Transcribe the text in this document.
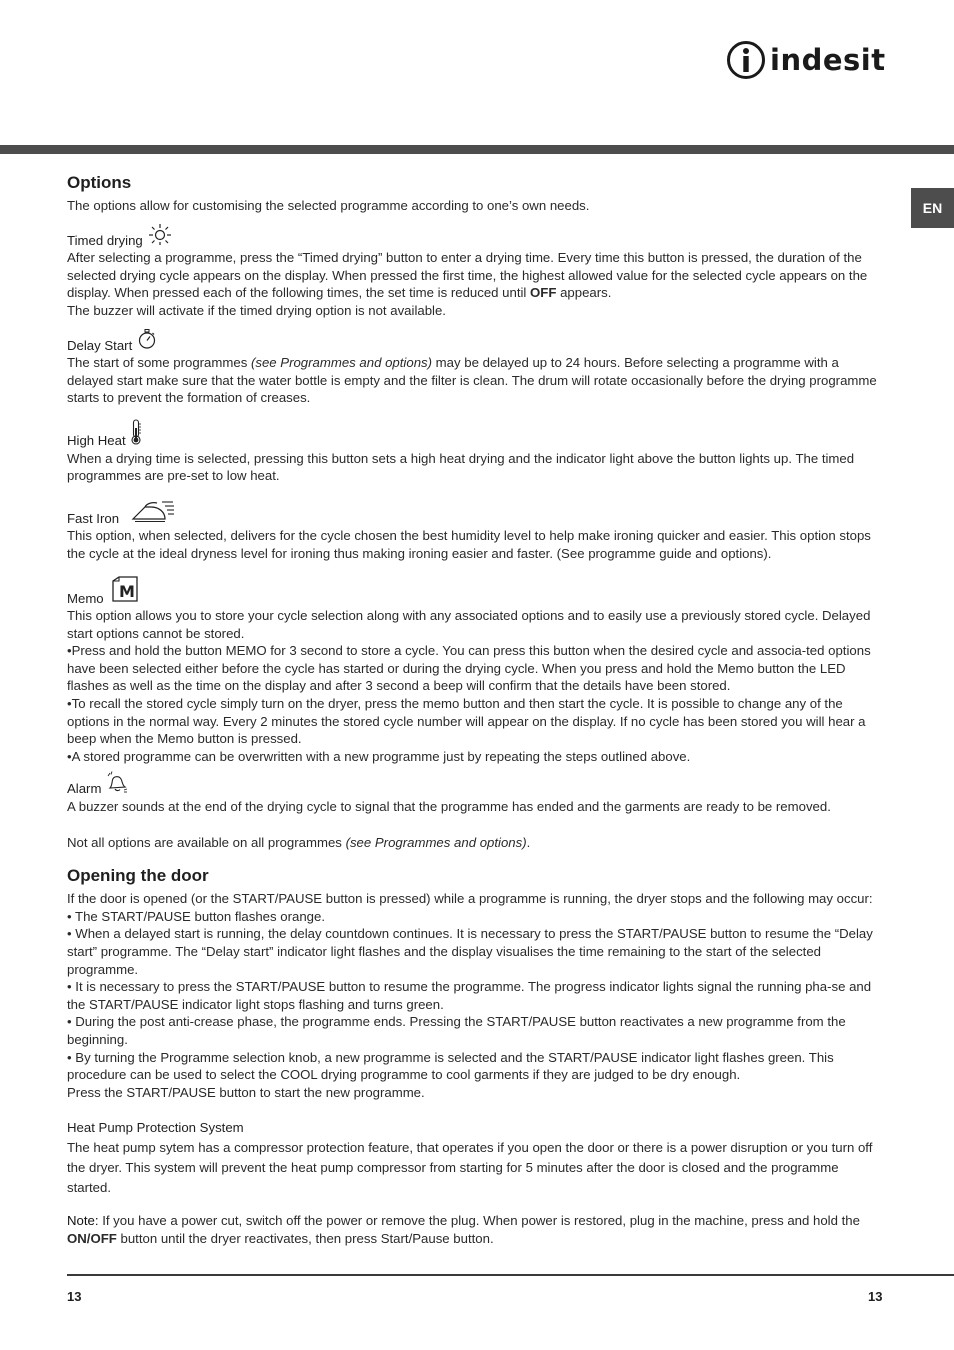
indesit
EN
Options

The options allow for customising the selected programme according to one’s own needs.

Timed drying

After selecting a programme, press the “Timed drying” button to enter a drying time. Every time this button is pressed, the duration of the selected drying cycle appears on the display. When pressed the first time, the highest allowed value for the selected cycle appears on the display. When pressed each of the following times, the set time is reduced until OFF appears.

The buzzer will activate if the timed drying option is not available.

Delay Start

The start of some programmes (see Programmes and options) may be delayed up to 24 hours. Before selecting a programme with a delayed start make sure that the water bottle is empty and the filter is clean. The drum will rotate occasionally before the drying programme starts to prevent the formation of creases.

High Heat

When a drying time is selected, pressing this button sets a high heat drying and the indicator light above the button lights up. The timed programmes are pre-set to low heat.

Fast Iron

This option, when selected, delivers for the cycle chosen the best humidity level to help make ironing quicker and easier. This option stops the cycle at the ideal dryness level for ironing thus making ironing easier and faster. (See programme guide and options).

Memo M

This option allows you to store your cycle selection along with any associated options and to easily use a previously stored cycle. Delayed start options cannot be stored.

•Press and hold the button MEMO for 3 second to store a cycle. You can press this button when the desired cycle and associa-ted options have been selected either before the cycle has started or during the drying cycle. When you press and hold the Memo button the LED flashes as well as the time on the display and after 3 second a beep will confirm that the details have been stored.

•To recall the stored cycle simply turn on the dryer, press the memo button and then start the cycle. It is possible to change any of the options in the normal way. Every 2 minutes the stored cycle number will appear on the display. If no cycle has been stored you will hear a beep when the Memo button is pressed.

•A stored programme can be overwritten with a new programme just by repeating the steps outlined above.

Alarm

A buzzer sounds at the end of the drying cycle to signal that the programme has ended and the garments are ready to be removed.

Not all options are available on all programmes (see Programmes and options).

Opening the door

If the door is opened (or the START/PAUSE button is pressed) while a programme is running, the dryer stops and the following may occur:

• The START/PAUSE button flashes orange.

• When a delayed start is running, the delay countdown continues. It is necessary to press the START/PAUSE button to resume the “Delay start” programme. The “Delay start” indicator light flashes and the display visualises the time remaining to the start of the selected programme.

• It is necessary to press the START/PAUSE button to resume the programme. The progress indicator lights signal the running pha-se and the START/PAUSE indicator light stops flashing and turns green.

• During the post anti-crease phase, the programme ends. Pressing the START/PAUSE button reactivates a new programme from the beginning.

• By turning the Programme selection knob, a new programme is selected and the START/PAUSE indicator light flashes green. This procedure can be used to select the COOL drying programme to cool garments if they are judged to be dry enough.

Press the START/PAUSE button to start the new programme.

Heat Pump Protection System

The heat pump sytem has a compressor protection feature, that operates if you open the door or there is a power disruption or you turn off the dryer. This system will prevent the heat pump compressor from starting for 5 minutes after the door is closed and the programme started.

Note: If you have a power cut, switch off the power or remove the plug. When power is restored, plug in the machine, press and hold the ON/OFF button until the dryer reactivates, then press Start/Pause button.

13	13
